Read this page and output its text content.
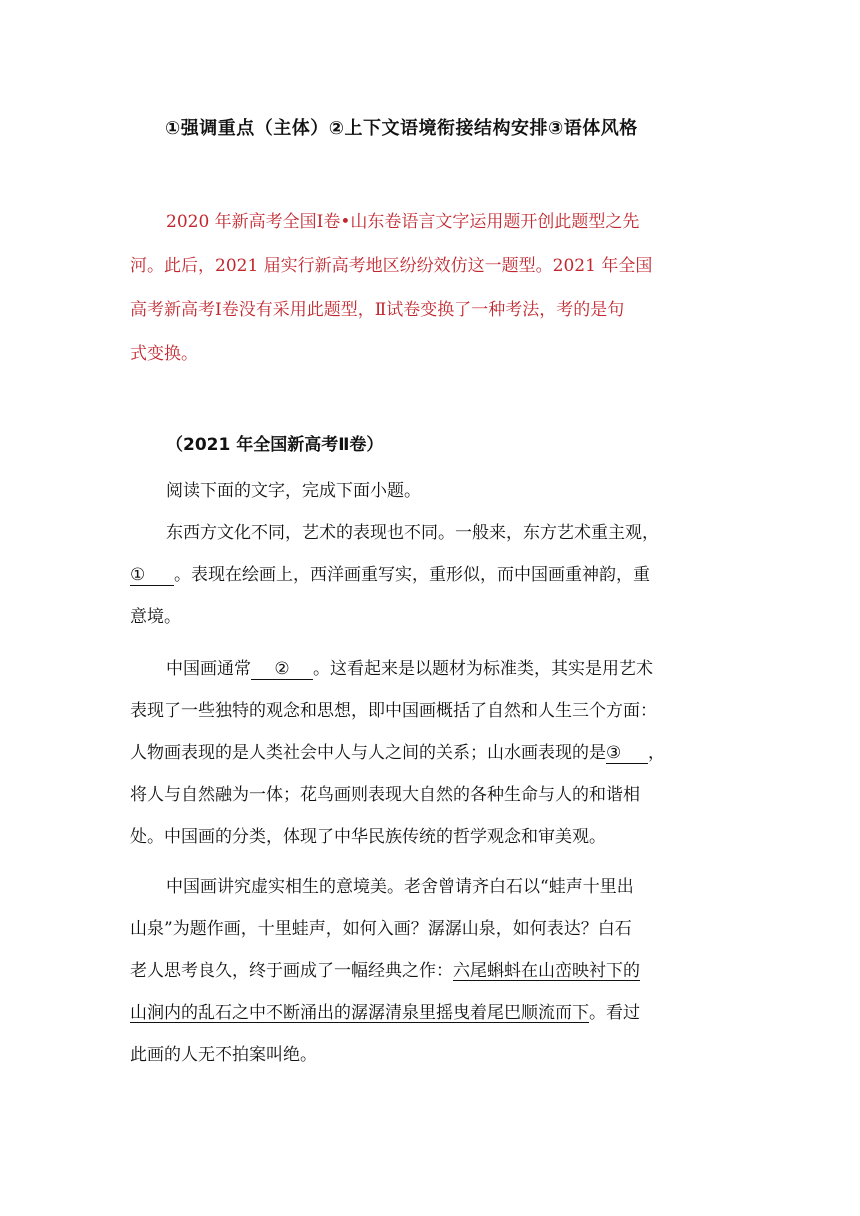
①强调重点（主体）②上下文语境衔接结构安排③语体风格
2020 年新高考全国Ⅰ卷•山东卷语言文字运用题开创此题型之先
河。此后，2021 届实行新高考地区纷纷效仿这一题型。2021 年全国
高考新高考Ⅰ卷没有采用此题型，Ⅱ试卷变换了一种考法，考的是句
式变换。
（2021 年全国新高考Ⅱ卷）
阅读下面的文字，完成下面小题。
东西方文化不同，艺术的表现也不同。一般来，东方艺术重主观，
① 。表现在绘画上，西洋画重写实，重形似，而中国画重神韵，重
意境。
中国画通常 ② 。这看起来是以题材为标准类，其实是用艺术
表现了一些独特的观念和思想，即中国画概括了自然和人生三个方面：
人物画表现的是人类社会中人与人之间的关系；山水画表现的是③ ，
将人与自然融为一体；花鸟画则表现大自然的各种生命与人的和谐相
处。中国画的分类，体现了中华民族传统的哲学观念和审美观。
中国画讲究虚实相生的意境美。老舍曾请齐白石以“蛙声十里出
山泉”为题作画，十里蛙声，如何入画？潺潺山泉，如何表达？白石
老人思考良久，终于画成了一幅经典之作：六尾蝌蚪在山峦映衬下的
山涧内的乱石之中不断涌出的潺潺清泉里摇曳着尾巴顺流而下。看过
此画的人无不拍案叫绝。
